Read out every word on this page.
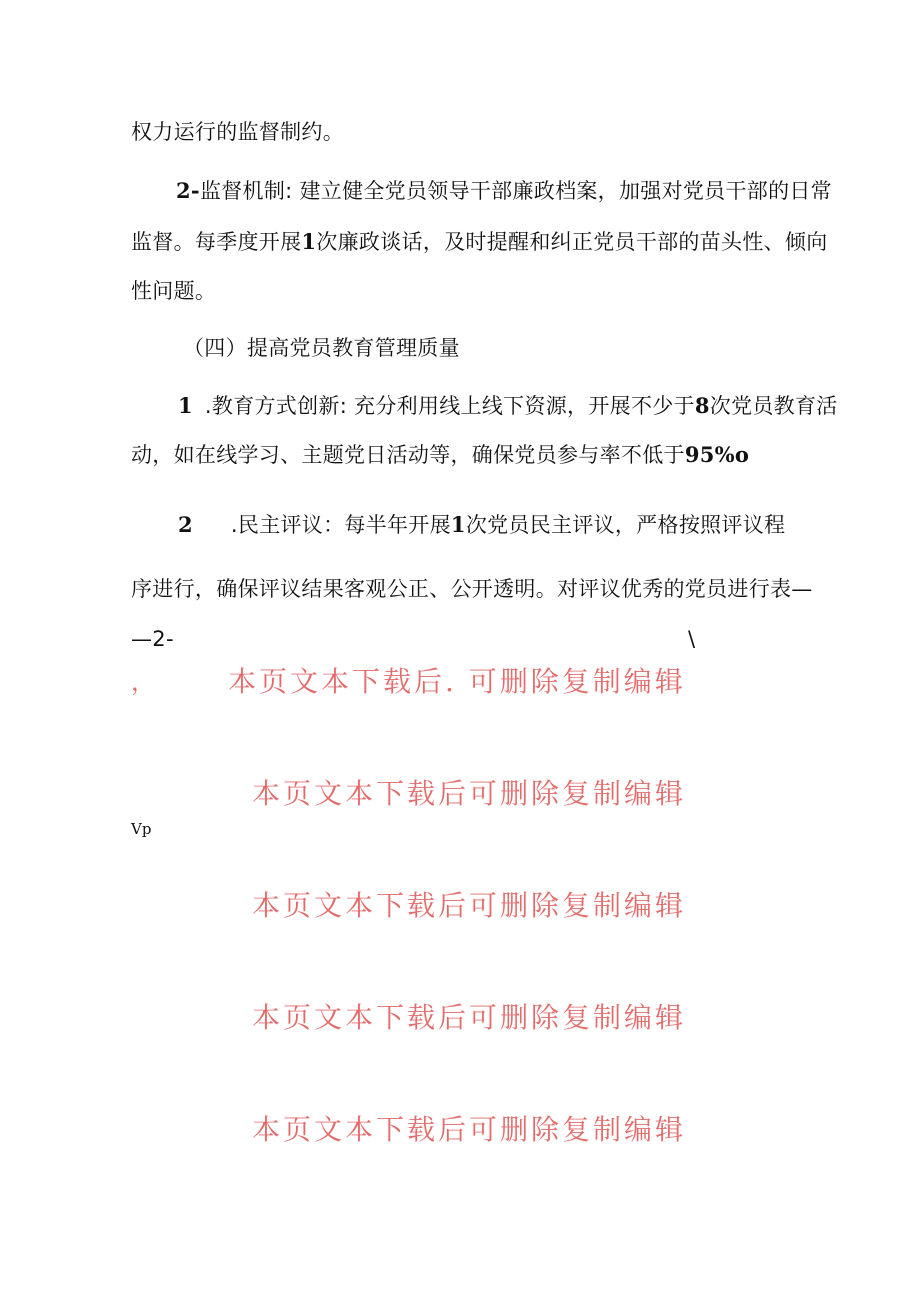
权力运行的监督制约。
2-监督机制: 建立健全党员领导干部廉政档案，加强对党员干部的日常
监督。每季度开展1次廉政谈话，及时提醒和纠正党员干部的苗头性、倾向
性问题。
（四）提高党员教育管理质量
1 .教育方式创新: 充分利用线上线下资源，开展不少于8次党员教育活
动，如在线学习、主题党日活动等，确保党员参与率不低于95%o
2 .民主评议：每半年开展1次党员民主评议，严格按照评议程
序进行，确保评议结果客观公正、公开透明。对评议优秀的党员进行表—
—2-	\
，	本页文本下载后. 可删除复制编辑
本页文本下载后可删除复制编辑
Vp
本页文本下载后可删除复制编辑
本页文本下载后可删除复制编辑
本页文本下载后可删除复制编辑
